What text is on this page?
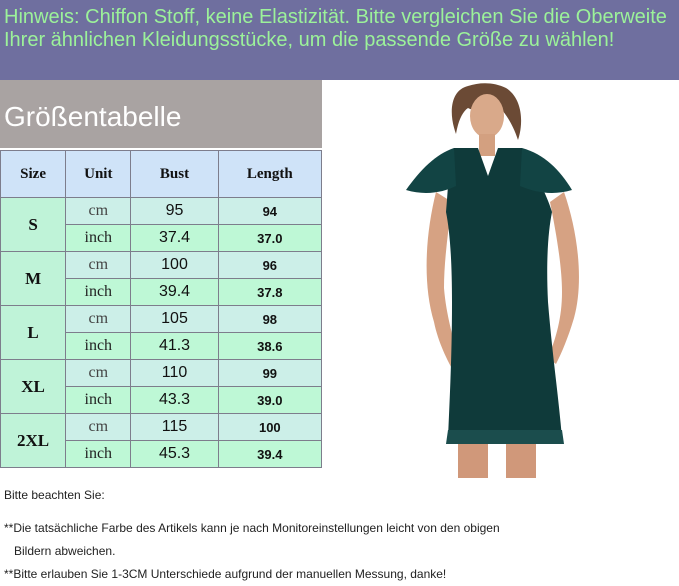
Hinweis: Chiffon Stoff, keine Elastizität. Bitte vergleichen Sie die Oberweite Ihrer ähnlichen Kleidungsstücke, um die passende Größe zu wählen!

Größentabelle
Size	Unit	Bust	Length
S	cm	95	94
	inch	37.4	37.0
M	cm	100	96
	inch	39.4	37.8
L	cm	105	98
	inch	41.3	38.6
XL	cm	110	99
	inch	43.3	39.0
2XL	cm	115	100
	inch	45.3	39.4

Bitte beachten Sie:

**Die tatsächliche Farbe des Artikels kann je nach Monitoreinstellungen leicht von den obigen

Bildern abweichen.

**Bitte erlauben Sie 1-3CM Unterschiede aufgrund der manuellen Messung, danke!
